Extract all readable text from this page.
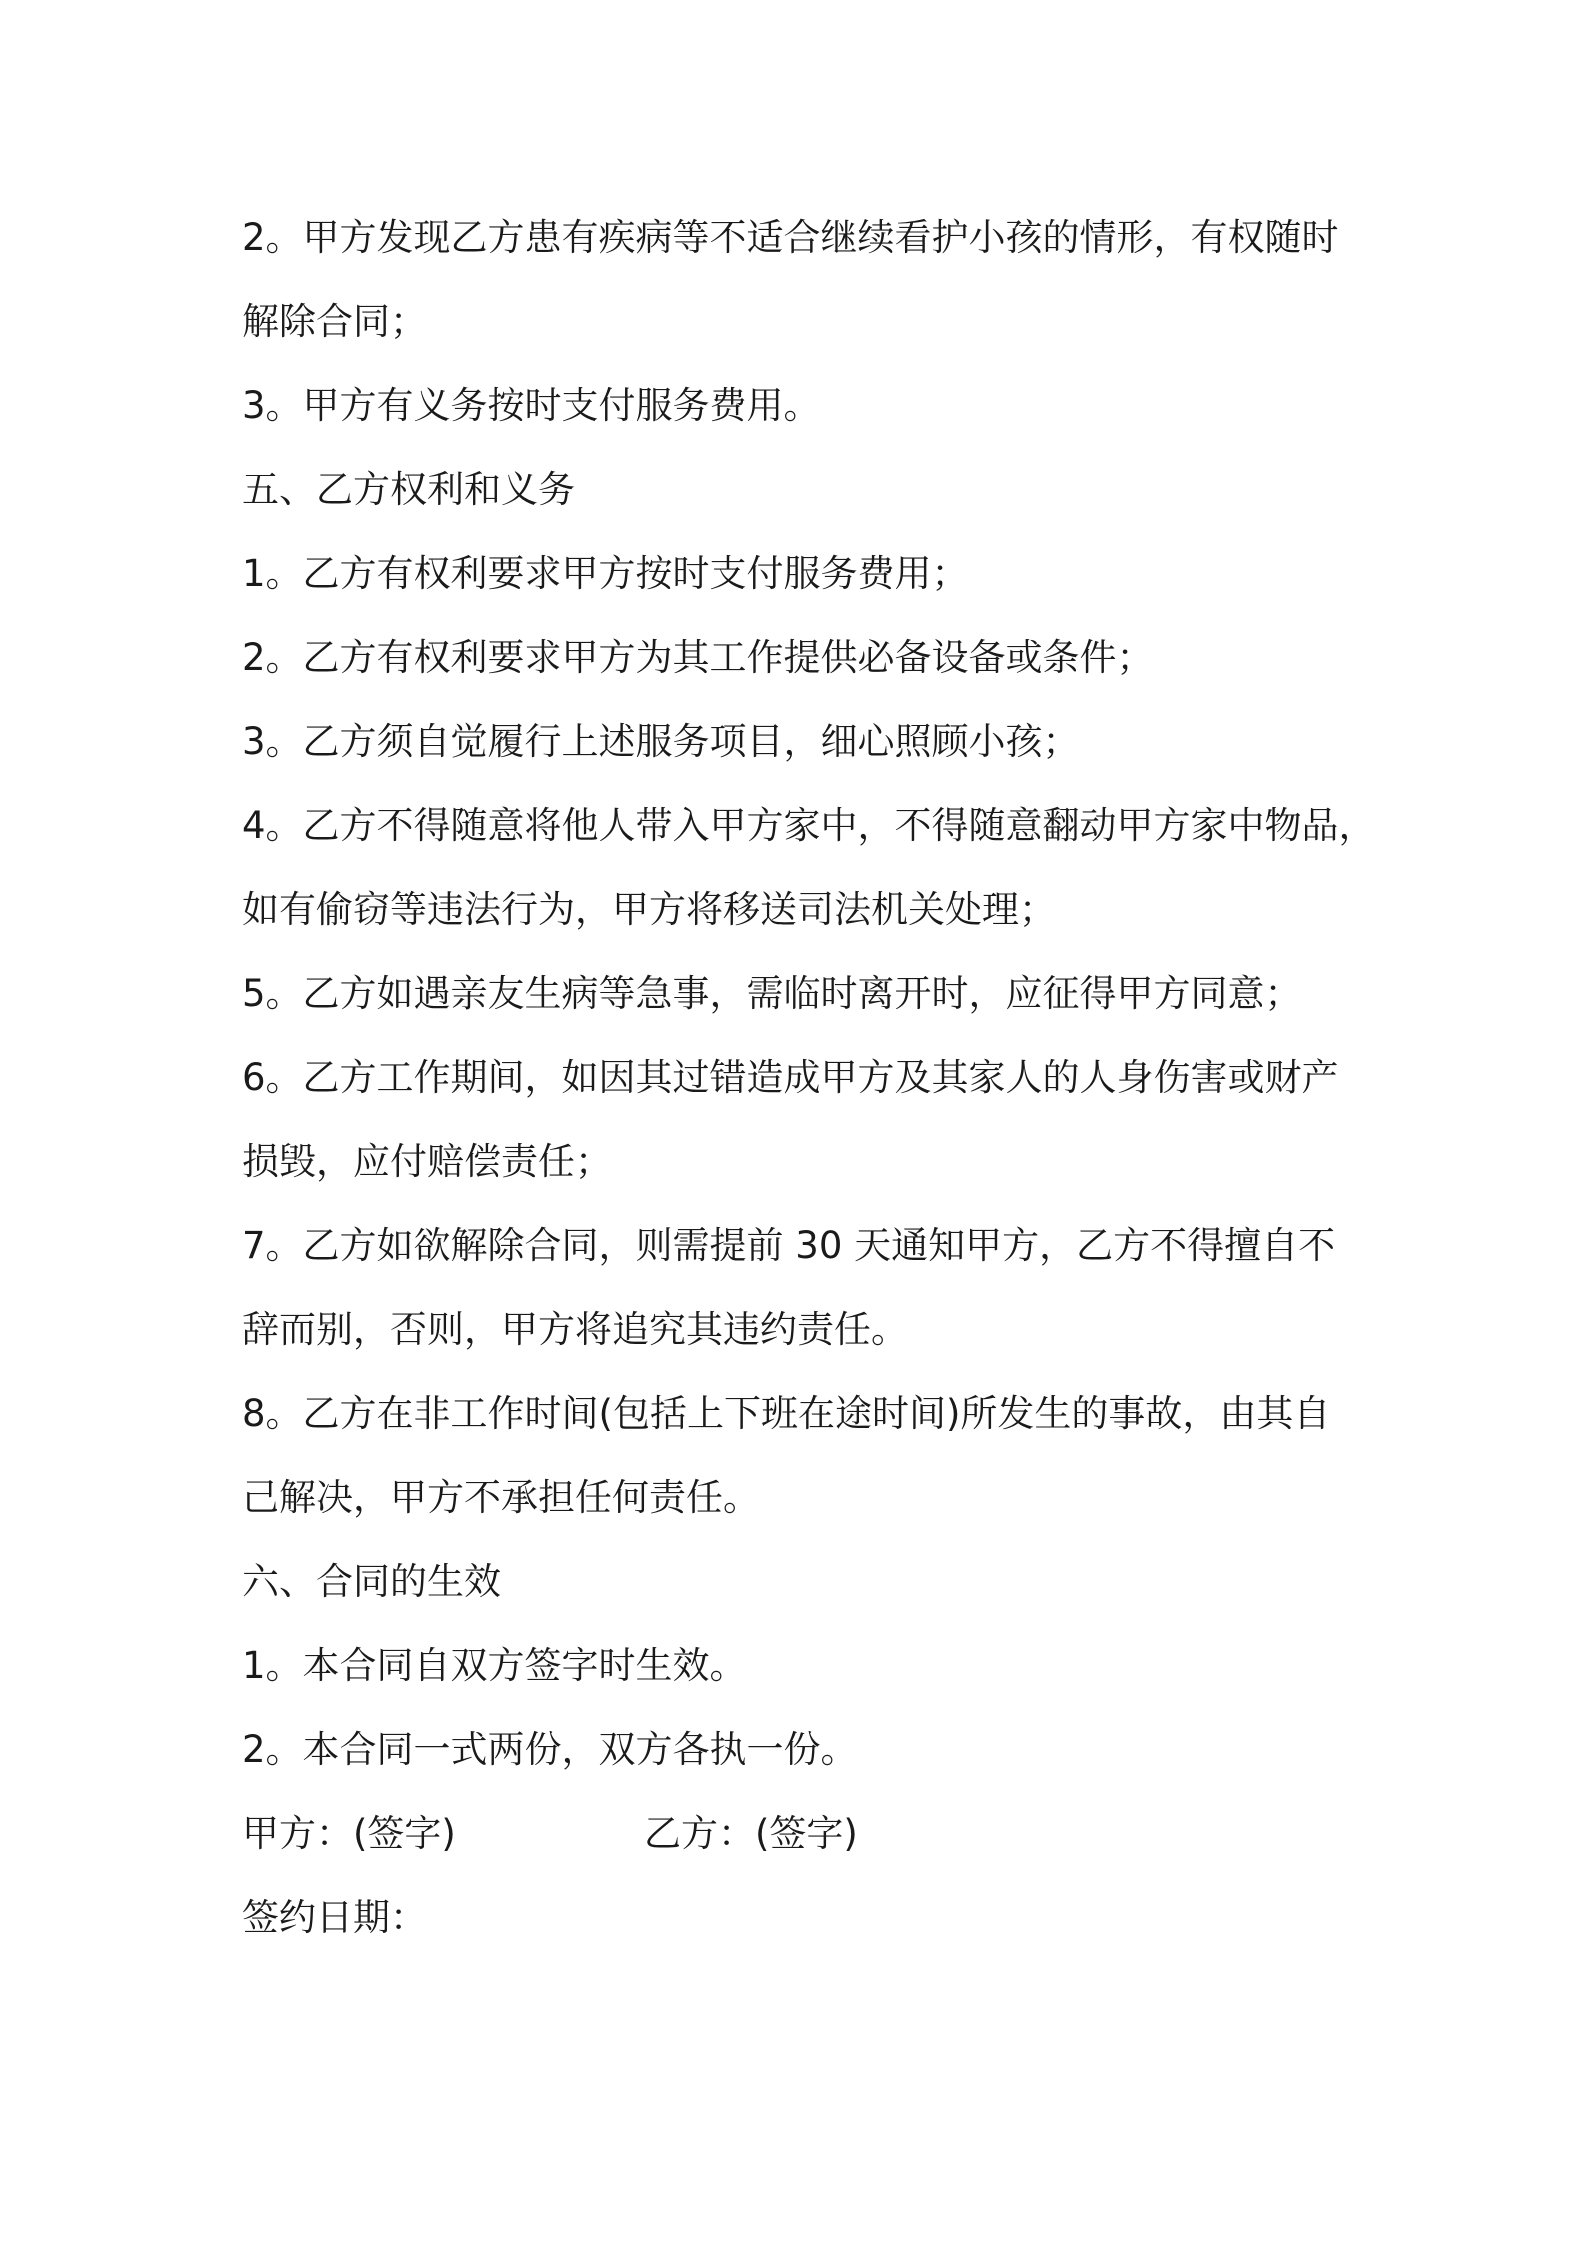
2。甲方发现乙方患有疾病等不适合继续看护小孩的情形，有权随时

解除合同；

3。甲方有义务按时支付服务费用。

五、乙方权利和义务

1。乙方有权利要求甲方按时支付服务费用；

2。乙方有权利要求甲方为其工作提供必备设备或条件；

3。乙方须自觉履行上述服务项目，细心照顾小孩；

4。乙方不得随意将他人带入甲方家中，不得随意翻动甲方家中物品，

如有偷窃等违法行为，甲方将移送司法机关处理；

5。乙方如遇亲友生病等急事，需临时离开时，应征得甲方同意；

6。乙方工作期间，如因其过错造成甲方及其家人的人身伤害或财产

损毁，应付赔偿责任；

7。乙方如欲解除合同，则需提前 30 天通知甲方，乙方不得擅自不

辞而别，否则，甲方将追究其违约责任。

8。乙方在非工作时间(包括上下班在途时间)所发生的事故，由其自

己解决，甲方不承担任何责任。

六、合同的生效

1。本合同自双方签字时生效。

2。本合同一式两份，双方各执一份。

甲方：(签字)	乙方：(签字)

签约日期：
